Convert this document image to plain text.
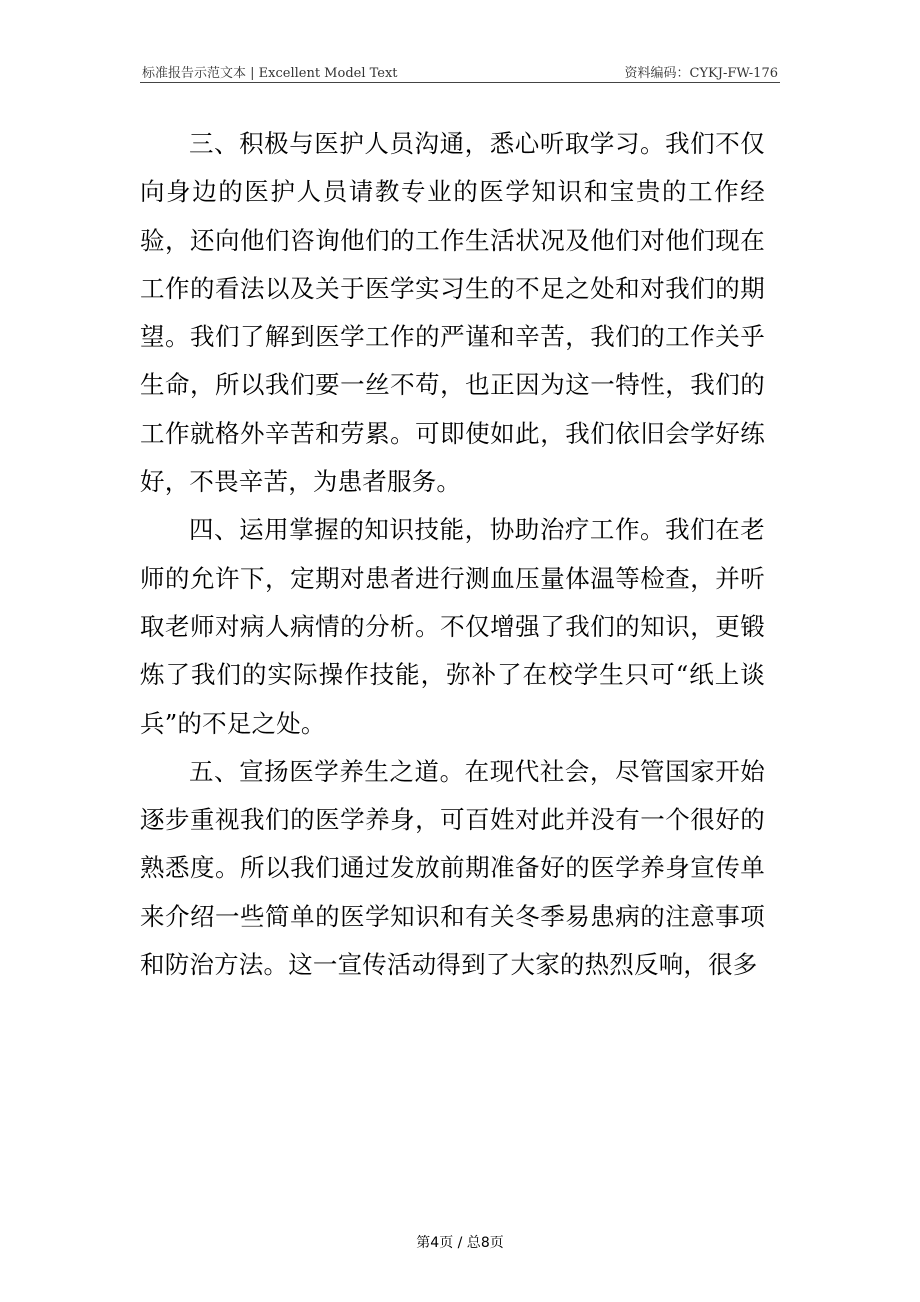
标准报告示范文本 | Excellent Model Text	资料编码：CYKJ-FW-176

三、积极与医护人员沟通，悉心听取学习。我们不仅向身边的医护人员请教专业的医学知识和宝贵的工作经验，还向他们咨询他们的工作生活状况及他们对他们现在工作的看法以及关于医学实习生的不足之处和对我们的期望。我们了解到医学工作的严谨和辛苦，我们的工作关乎生命，所以我们要一丝不苟，也正因为这一特性，我们的工作就格外辛苦和劳累。可即使如此，我们依旧会学好练好，不畏辛苦，为患者服务。

四、运用掌握的知识技能，协助治疗工作。我们在老师的允许下，定期对患者进行测血压量体温等检查，并听取老师对病人病情的分析。不仅增强了我们的知识，更锻炼了我们的实际操作技能，弥补了在校学生只可“纸上谈兵”的不足之处。

五、宣扬医学养生之道。在现代社会，尽管国家开始逐步重视我们的医学养身，可百姓对此并没有一个很好的熟悉度。所以我们通过发放前期准备好的医学养身宣传单来介绍一些简单的医学知识和有关冬季易患病的注意事项和防治方法。这一宣传活动得到了大家的热烈反响，很多

第4页 / 总8页
